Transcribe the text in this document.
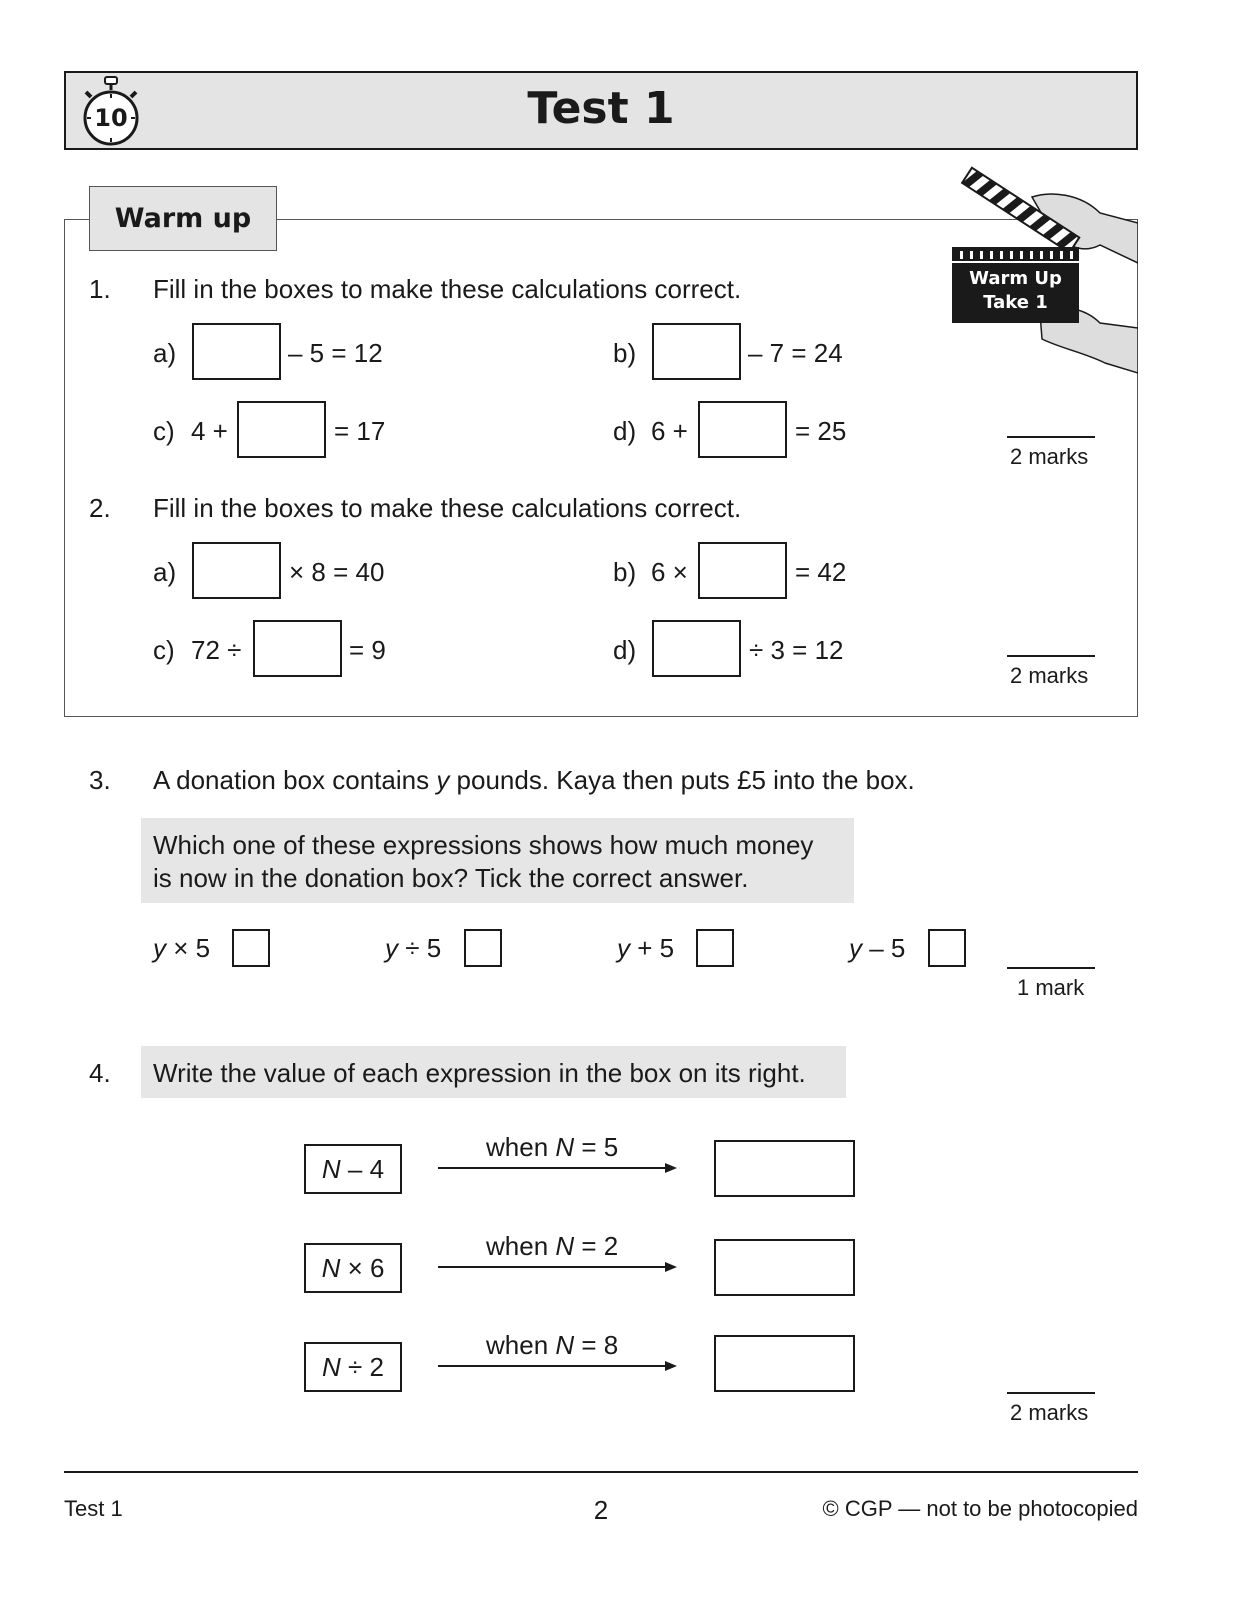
10	Test 1
Warm up
Warm Up
Take 1
1. Fill in the boxes to make these calculations correct.
a)	– 5 = 12	b)	– 7 = 24
c) 4 +	= 17	d) 6 +	= 25
2 marks
2. Fill in the boxes to make these calculations correct.
a)	× 8 = 40	b) 6 ×	= 42
c) 72 ÷	= 9	d)	÷ 3 = 12
2 marks
3. A donation box contains y pounds. Kaya then puts £5 into the box.
Which one of these expressions shows how much money
is now in the donation box? Tick the correct answer.
y × 5	y ÷ 5	y + 5	y – 5
1 mark
4. Write the value of each expression in the box on its right.
N – 4
when N = 5
N × 6
when N = 2
N ÷ 2
when N = 8
2 marks
Test 1	2	© CGP — not to be photocopied
